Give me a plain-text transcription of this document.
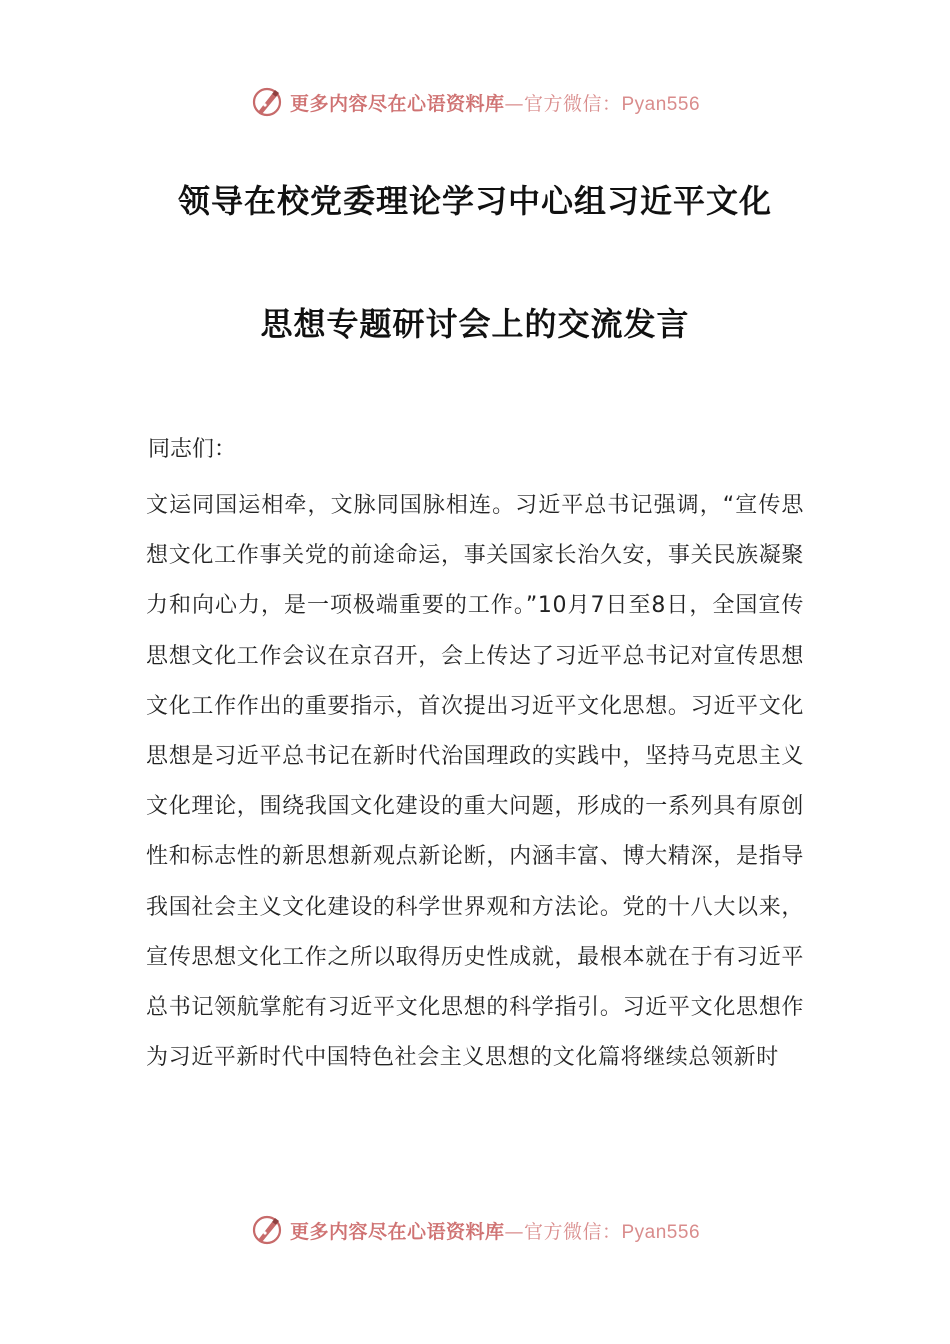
更多内容尽在心语资料库—官方微信：Pyan556
领导在校党委理论学习中心组习近平文化
思想专题研讨会上的交流发言
同志们：

文运同国运相牵，文脉同国脉相连。习近平总书记强调，“宣传思想文化工作事关党的前途命运，事关国家长治久安，事关民族凝聚力和向心力，是一项极端重要的工作。”10月7日至8日，全国宣传思想文化工作会议在京召开，会上传达了习近平总书记对宣传思想文化工作作出的重要指示，首次提出习近平文化思想。习近平文化思想是习近平总书记在新时代治国理政的实践中，坚持马克思主义文化理论，围绕我国文化建设的重大问题，形成的一系列具有原创性和标志性的新思想新观点新论断，内涵丰富、博大精深，是指导我国社会主义文化建设的科学世界观和方法论。党的十八大以来，宣传思想文化工作之所以取得历史性成就，最根本就在于有习近平总书记领航掌舵有习近平文化思想的科学指引。习近平文化思想作为习近平新时代中国特色社会主义思想的文化篇将继续总领新时

更多内容尽在心语资料库—官方微信：Pyan556
